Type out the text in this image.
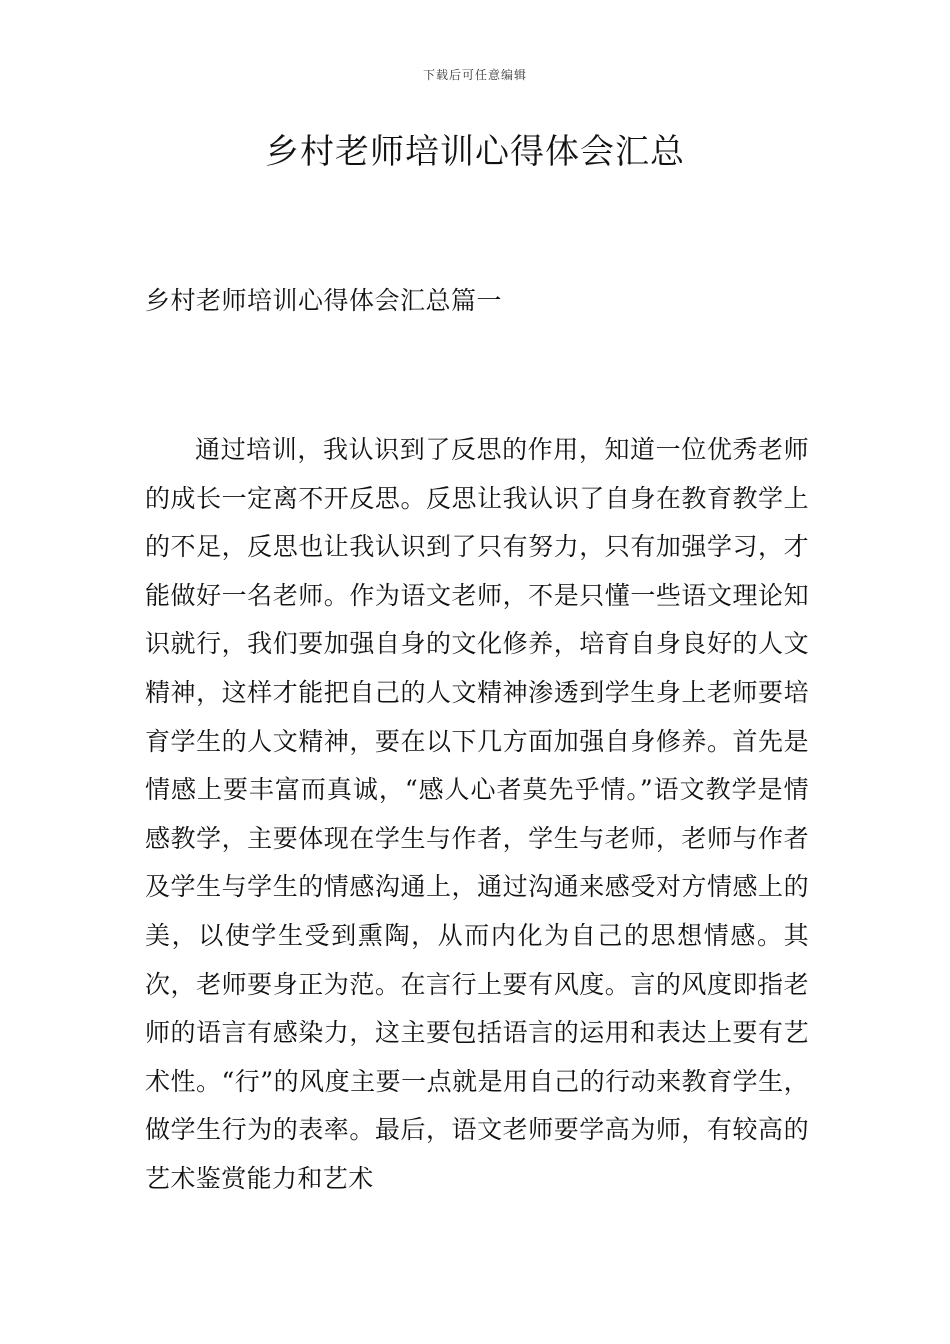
下载后可任意编辑
乡村老师培训心得体会汇总
乡村老师培训心得体会汇总篇一

通过培训，我认识到了反思的作用，知道一位优秀老师的成长一定离不开反思。反思让我认识了自身在教育教学上的不足，反思也让我认识到了只有努力，只有加强学习，才能做好一名老师。作为语文老师，不是只懂一些语文理论知识就行，我们要加强自身的文化修养，培育自身良好的人文精神，这样才能把自己的人文精神渗透到学生身上老师要培育学生的人文精神，要在以下几方面加强自身修养。首先是情感上要丰富而真诚，“感人心者莫先乎情。”语文教学是情感教学，主要体现在学生与作者，学生与老师，老师与作者及学生与学生的情感沟通上，通过沟通来感受对方情感上的美，以使学生受到熏陶，从而内化为自己的思想情感。其次，老师要身正为范。在言行上要有风度。言的风度即指老师的语言有感染力，这主要包括语言的运用和表达上要有艺术性。“行”的风度主要一点就是用自己的行动来教育学生，做学生行为的表率。最后，语文老师要学高为师，有较高的艺术鉴赏能力和艺术
